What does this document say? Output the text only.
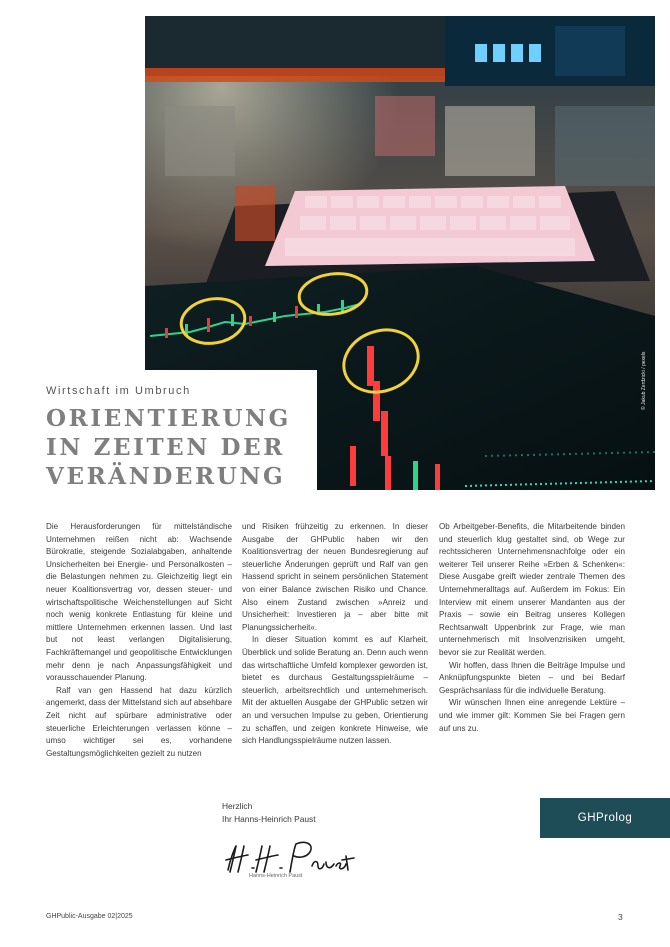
© Jakub Zerdzicki / pexels
Wirtschaft im Umbruch
ORIENTIERUNG
IN ZEITEN DER
VERÄNDERUNG

Die Herausforderungen für mittelständische Unternehmen reißen nicht ab: Wachsende Bürokratie, steigende Sozialabgaben, anhaltende Unsicherheiten bei Energie- und Personalkosten – die Belastungen nehmen zu. Gleichzeitig liegt ein neuer Koalitionsvertrag vor, dessen steuer- und wirtschaftspolitische Weichenstellungen auf Sicht noch wenig konkrete Entlastung für kleine und mittlere Unternehmen erkennen lassen. Und last but not least verlangen Digitalisierung, Fachkräftemangel und geopolitische Entwicklungen mehr denn je nach Anpassungsfähigkeit und vorausschauender Planung.

Ralf van gen Hassend hat dazu kürzlich angemerkt, dass der Mittelstand sich auf absehbare Zeit nicht auf spürbare administrative oder steuerliche Erleichterungen verlassen könne – umso wichtiger sei es, vorhandene Gestaltungsmöglichkeiten gezielt zu nutzen

und Risiken frühzeitig zu erkennen. In dieser Ausgabe der GHPublic haben wir den Koalitionsvertrag der neuen Bundesregierung auf steuerliche Änderungen geprüft und Ralf van gen Hassend spricht in seinem persönlichen Statement von einer Balance zwischen Risiko und Chance. Also einem Zustand zwischen »Anreiz und Unsicherheit: Investieren ja – aber bitte mit Planungssicherheit«.

In dieser Situation kommt es auf Klarheit, Überblick und solide Beratung an. Denn auch wenn das wirtschaftliche Umfeld komplexer geworden ist, bietet es durchaus Gestaltungsspielräume – steuerlich, arbeitsrechtlich und unternehmerisch. Mit der aktuellen Ausgabe der GHPublic setzen wir an und versuchen Impulse zu geben, Orientierung zu schaffen, und zeigen konkrete Hinweise, wie sich Handlungsspielräume nutzen lassen.

Ob Arbeitgeber-Benefits, die Mitarbeitende binden und steuerlich klug gestaltet sind, ob Wege zur rechtssicheren Unternehmensnachfolge oder ein weiterer Teil unserer Reihe »Erben & Schenken«: Diese Ausgabe greift wieder zentrale Themen des Unternehmeralltags auf. Außerdem im Fokus: Ein Interview mit einem unserer Mandanten aus der Praxis – sowie ein Beitrag unseres Kollegen Rechtsanwalt Uppenbrink zur Frage, wie man unternehmerisch mit Insolvenzrisiken umgeht, bevor sie zur Realität werden.

Wir hoffen, dass Ihnen die Beiträge Impulse und Anknüpfungspunkte bieten – und bei Bedarf Gesprächsanlass für die individuelle Beratung.

Wir wünschen Ihnen eine anregende Lektüre – und wie immer gilt: Kommen Sie bei Fragen gern auf uns zu.

Herzlich
Ihr Hanns-Heinrich Paust
Hanns-Heinrich Paust
GHProlog
GHPublic-Ausgabe 02|2025	3
